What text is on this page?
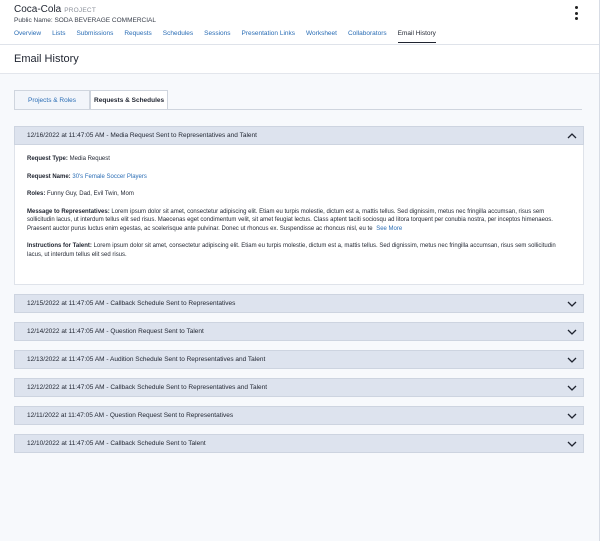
Coca-Cola PROJECT
Public Name: SODA BEVERAGE COMMERCIAL
Overview Lists Submissions Requests Schedules Sessions Presentation Links Worksheet Collaborators Email History
Email History
Projects & Roles	Requests & Schedules
12/16/2022 at 11:47:05 AM - Media Request Sent to Representatives and Talent
Request Type: Media Request
Request Name: 30's Female Soccer Players
Roles: Funny Guy, Dad, Evil Twin, Mom
Message to Representatives: Lorem ipsum dolor sit amet, consectetur adipiscing elit. Etiam eu turpis molestie, dictum est a, mattis tellus. Sed dignissim, metus nec fringilla accumsan, risus sem sollicitudin lacus, ut interdum tellus elit sed risus. Maecenas eget condimentum velit, sit amet feugiat lectus. Class aptent taciti sociosqu ad litora torquent per conubia nostra, per inceptos himenaeos. Praesent auctor purus luctus enim egestas, ac scelerisque ante pulvinar. Donec ut rhoncus ex. Suspendisse ac rhoncus nisl, eu te See More
Instructions for Talent: Lorem ipsum dolor sit amet, consectetur adipiscing elit. Etiam eu turpis molestie, dictum est a, mattis tellus. Sed dignissim, metus nec fringilla accumsan, risus sem sollicitudin lacus, ut interdum tellus elit sed risus.
12/15/2022 at 11:47:05 AM - Callback Schedule Sent to Representatives
12/14/2022 at 11:47:05 AM - Question Request Sent to Talent
12/13/2022 at 11:47:05 AM - Audition Schedule Sent to Representatives and Talent
12/12/2022 at 11:47:05 AM - Callback Schedule Sent to Representatives and Talent
12/11/2022 at 11:47:05 AM - Question Request Sent to Representatives
12/10/2022 at 11:47:05 AM - Callback Schedule Sent to Talent
